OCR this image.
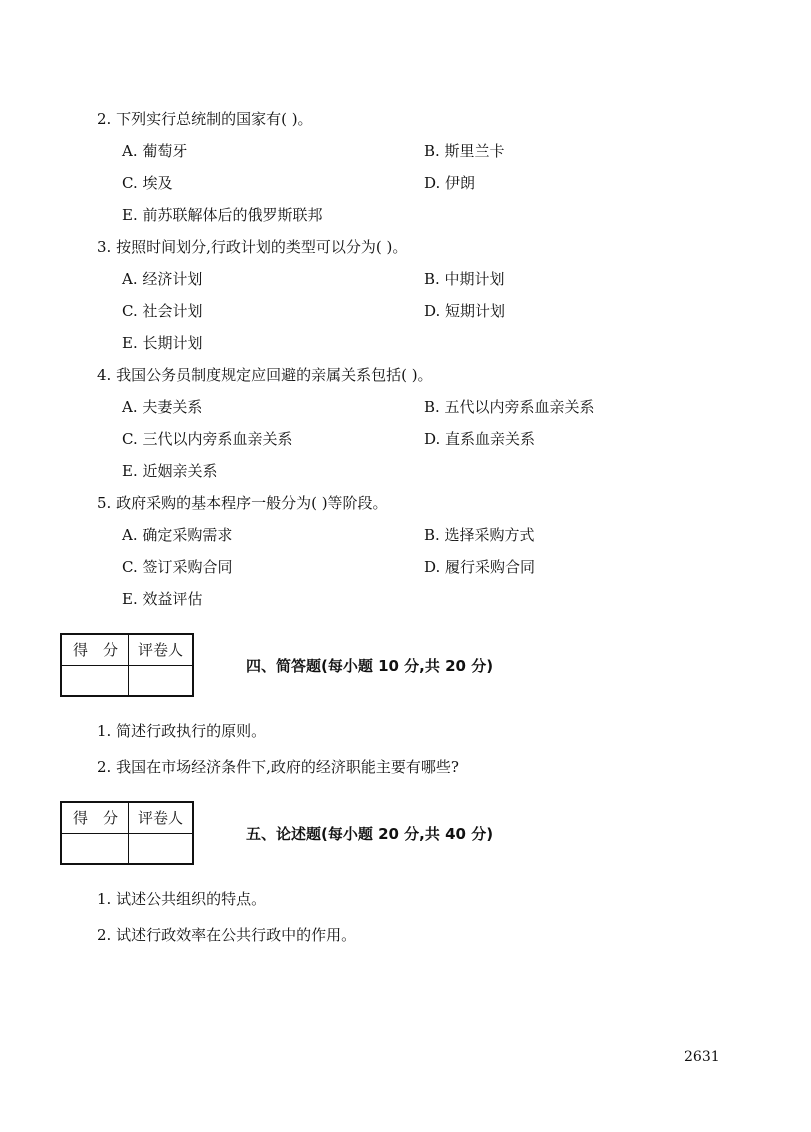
2. 下列实行总统制的国家有( )。
A. 葡萄牙	B. 斯里兰卡
C. 埃及	D. 伊朗
E. 前苏联解体后的俄罗斯联邦
3. 按照时间划分,行政计划的类型可以分为( )。
A. 经济计划	B. 中期计划
C. 社会计划	D. 短期计划
E. 长期计划
4. 我国公务员制度规定应回避的亲属关系包括( )。
A. 夫妻关系	B. 五代以内旁系血亲关系
C. 三代以内旁系血亲关系	D. 直系血亲关系
E. 近姻亲关系
5. 政府采购的基本程序一般分为( )等阶段。
A. 确定采购需求	B. 选择采购方式
C. 签订采购合同	D. 履行采购合同
E. 效益评估
得　分	评卷人
四、简答题(每小题 10 分,共 20 分)
1. 简述行政执行的原则。
2. 我国在市场经济条件下,政府的经济职能主要有哪些?
得　分	评卷人
五、论述题(每小题 20 分,共 40 分)
1. 试述公共组织的特点。
2. 试述行政效率在公共行政中的作用。
2631
